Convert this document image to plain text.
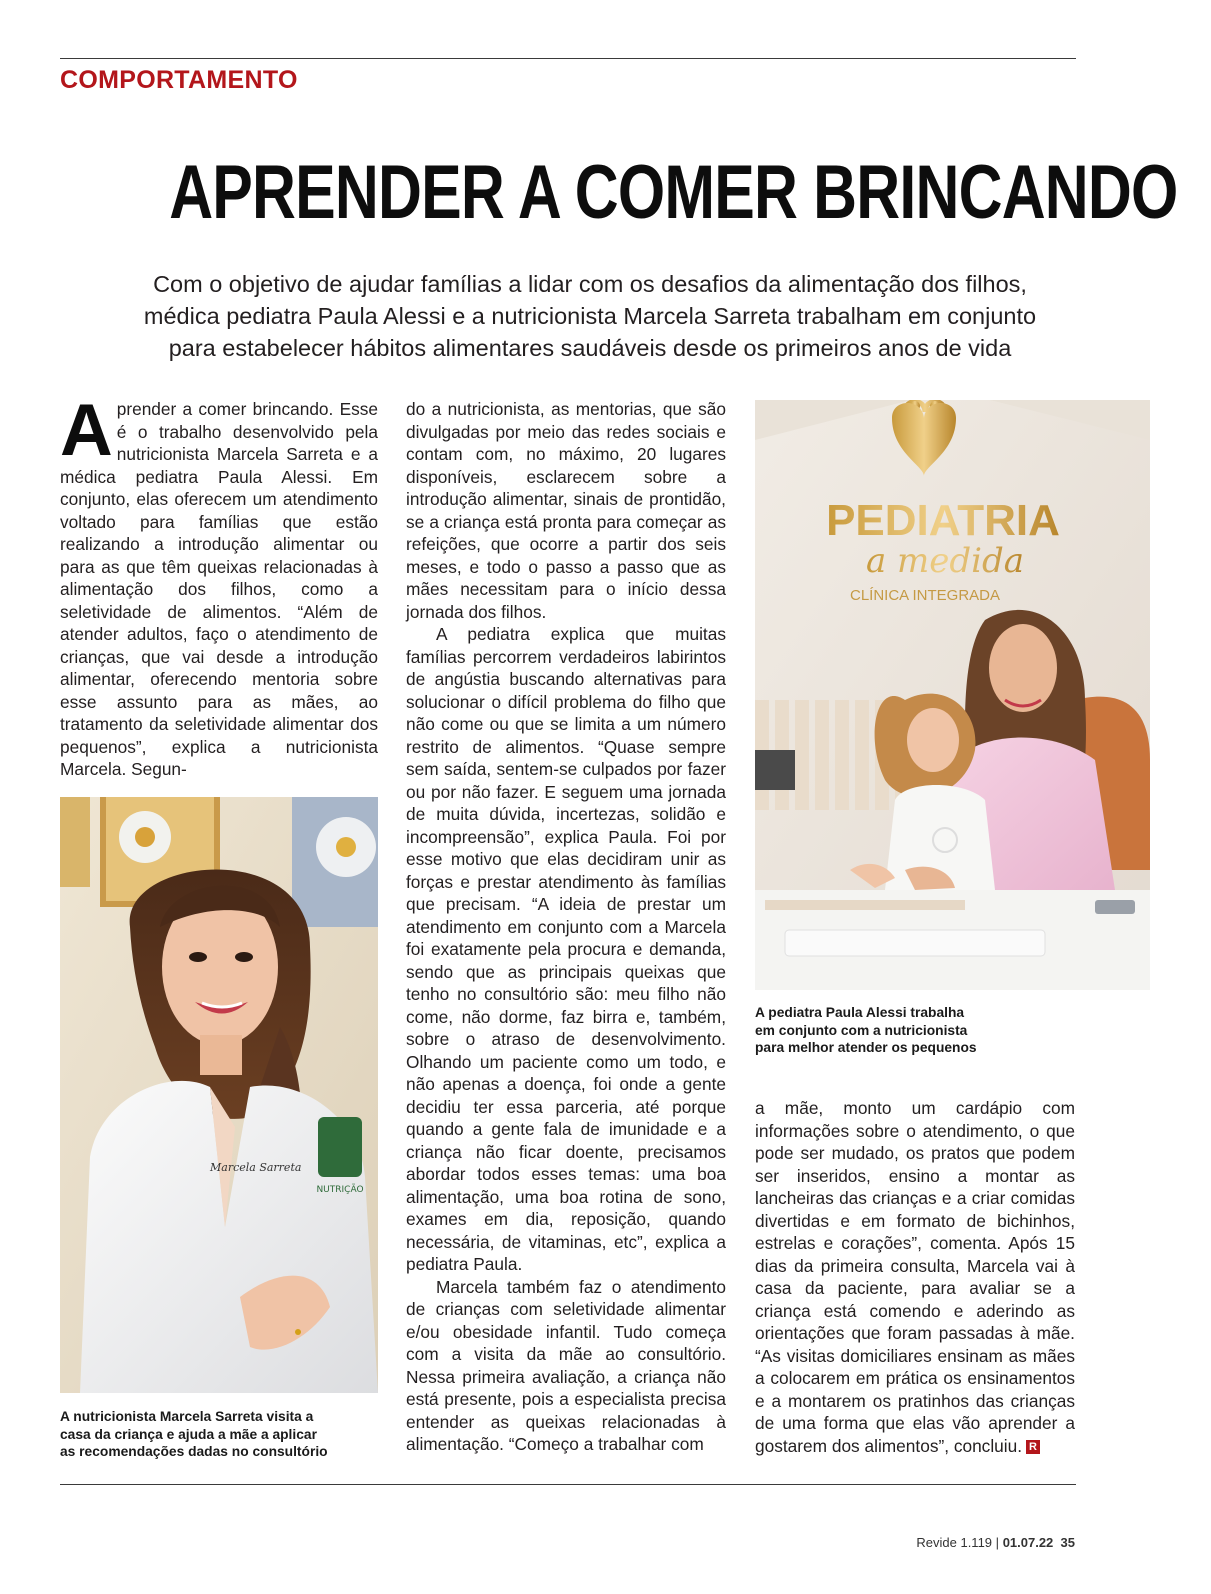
COMPORTAMENTO
APRENDER A COMER BRINCANDO
Com o objetivo de ajudar famílias a lidar com os desafios da alimentação dos filhos,
médica pediatra Paula Alessi e a nutricionista Marcela Sarreta trabalham em conjunto
para estabelecer hábitos alimentares saudáveis desde os primeiros anos de vida

Aprender a comer brincando. Esse é o trabalho desenvolvido pela nutricionista Marcela Sarreta e a médica pediatra Paula Alessi. Em conjunto, elas oferecem um atendimento voltado para famílias que estão realizando a introdução alimentar ou para as que têm queixas relacionadas à alimentação dos filhos, como a seletividade de alimentos. “Além de atender adultos, faço o atendimento de crianças, que vai desde a introdução alimentar, oferecendo mentoria sobre esse assunto para as mães, ao tratamento da seletividade alimentar dos pequenos”, explica a nutricionista Marcela. Segun-

NUTRIÇÃO
Marcela Sarreta
A nutricionista Marcela Sarreta visita a
casa da criança e ajuda a mãe a aplicar
as recomendações dadas no consultório

do a nutricionista, as mentorias, que são divulgadas por meio das redes sociais e contam com, no máximo, 20 lugares disponíveis, esclarecem sobre a introdução alimentar, sinais de prontidão, se a criança está pronta para começar as refeições, que ocorre a partir dos seis meses, e todo o passo a passo que as mães necessitam para o início dessa jornada dos filhos.

A pediatra explica que muitas famílias percorrem verdadeiros labirintos de angústia buscando alternativas para solucionar o difícil problema do filho que não come ou que se limita a um número restrito de alimentos. “Quase sempre sem saída, sentem-se culpados por fazer ou por não fazer. E seguem uma jornada de muita dúvida, incertezas, solidão e incompreensão”, explica Paula. Foi por esse motivo que elas decidiram unir as forças e prestar atendimento às famílias que precisam. “A ideia de prestar um atendimento em conjunto com a Marcela foi exatamente pela procura e demanda, sendo que as principais queixas que tenho no consultório são: meu filho não come, não dorme, faz birra e, também, sobre o atraso de desenvolvimento. Olhando um paciente como um todo, e não apenas a doença, foi onde a gente decidiu ter essa parceria, até porque quando a gente fala de imunidade e a criança não ficar doente, precisamos abordar todos esses temas: uma boa alimentação, uma boa rotina de sono, exames em dia, reposição, quando necessária, de vitaminas, etc”, explica a pediatra Paula.

Marcela também faz o atendimento de crianças com seletividade alimentar e/ou obesidade infantil. Tudo começa com a visita da mãe ao consultório. Nessa primeira avaliação, a criança não está presente, pois a especialista precisa entender as queixas relacionadas à alimentação. “Começo a trabalhar com

PEDIATRIA
a medida
CLÍNICA INTEGRADA
A pediatra Paula Alessi trabalha
em conjunto com a nutricionista
para melhor atender os pequenos

a mãe, monto um cardápio com informações sobre o atendimento, o que pode ser mudado, os pratos que podem ser inseridos, ensino a montar as lancheiras das crianças e a criar comidas divertidas e em formato de bichinhos, estrelas e corações”, comenta. Após 15 dias da primeira consulta, Marcela vai à casa da paciente, para avaliar se a criança está comendo e aderindo as orientações que foram passadas à mãe. “As visitas domiciliares ensinam as mães a colocarem em prática os ensinamentos e a montarem os pratinhos das crianças de uma forma que elas vão aprender a gostarem dos alimentos”, concluiu. R

Revide 1.119 | 01.07.22 35
